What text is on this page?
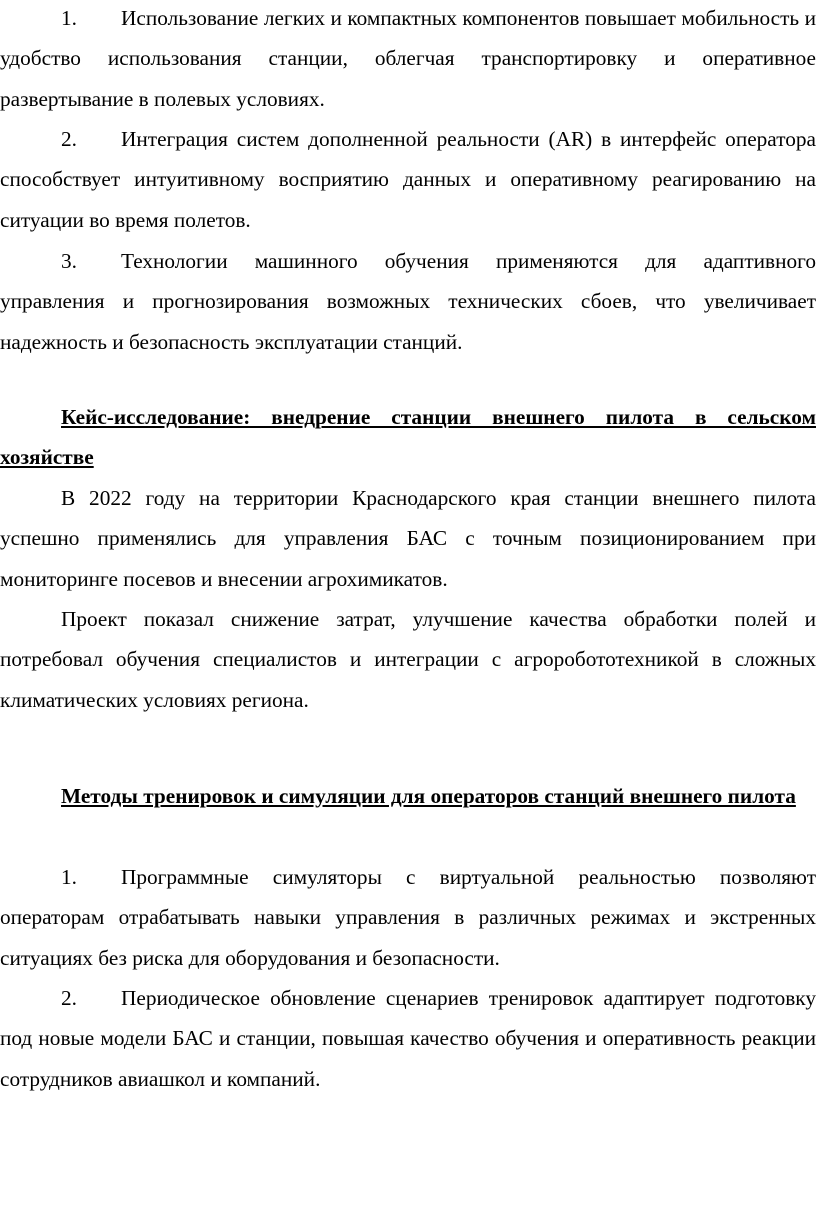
1. Использование легких и компактных компонентов повышает мобильность и удобство использования станции, облегчая транспортировку и оперативное развертывание в полевых условиях.

2. Интеграция систем дополненной реальности (AR) в интерфейс оператора способствует интуитивному восприятию данных и оперативному реагированию на ситуации во время полетов.

3. Технологии машинного обучения применяются для адаптивного управления и прогнозирования возможных технических сбоев, что увеличивает надежность и безопасность эксплуатации станций.

Кейс-исследование: внедрение станции внешнего пилота в сельском хозяйстве

В 2022 году на территории Краснодарского края станции внешнего пилота успешно применялись для управления БАС с точным позиционированием при мониторинге посевов и внесении агрохимикатов.

Проект показал снижение затрат, улучшение качества обработки полей и потребовал обучения специалистов и интеграции с агроробототехникой в сложных климатических условиях региона.

Методы тренировок и симуляции для операторов станций внешнего пилота

1. Программные симуляторы с виртуальной реальностью позволяют операторам отрабатывать навыки управления в различных режимах и экстренных ситуациях без риска для оборудования и безопасности.

2. Периодическое обновление сценариев тренировок адаптирует подготовку под новые модели БАС и станции, повышая качество обучения и оперативность реакции сотрудников авиашкол и компаний.
